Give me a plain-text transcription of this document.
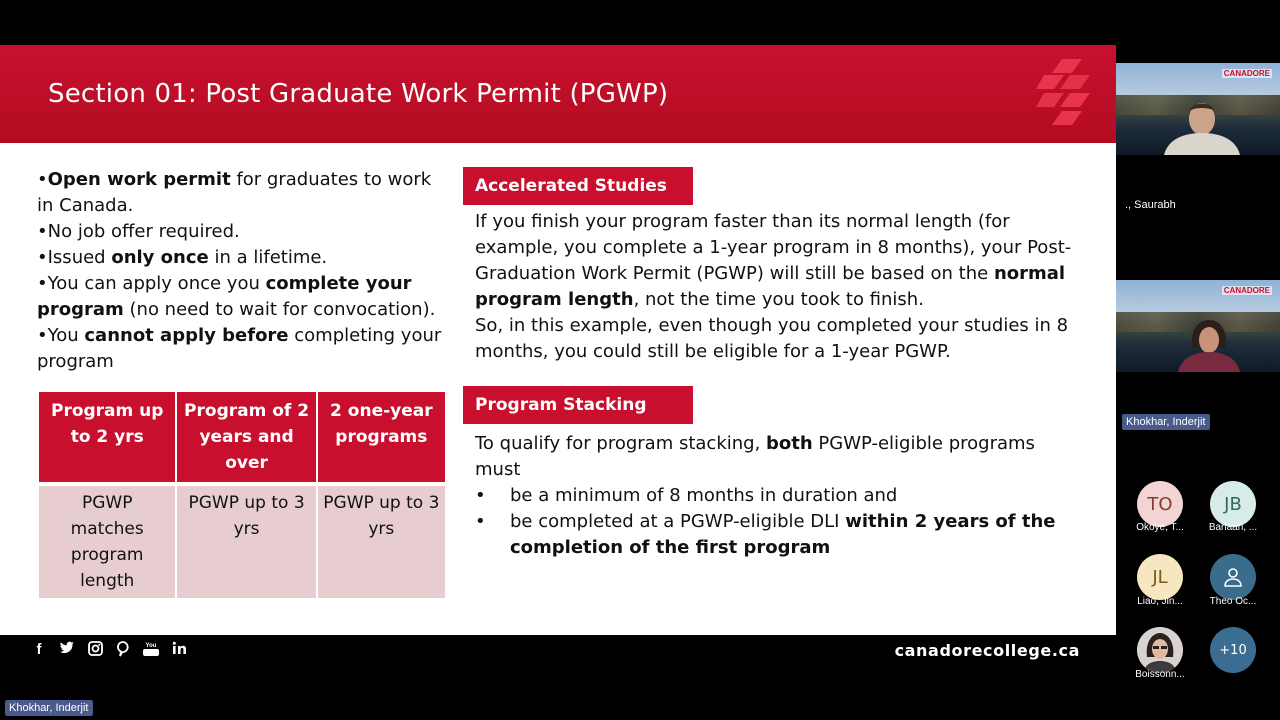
Section 01: Post Graduate Work Permit (PGWP)

•Open work permit for graduates to work in Canada.

•No job offer required.

•Issued only once in a lifetime.

•You can apply once you complete your program (no need to wait for convocation).

•You cannot apply before completing your program

Program up to 2 yrs	Program of 2 years and over	2 one-year programs
PGWP matches program length	PGWP up to 3 yrs	PGWP up to 3 yrs
Accelerated Studies

If you finish your program faster than its normal length (for example, you complete a 1-year program in 8 months), your Post-Graduation Work Permit (PGWP) will still be based on the normal program length, not the time you took to finish.

So, in this example, even though you completed your studies in 8 months, you could still be eligible for a 1-year PGWP.

Program Stacking

To qualify for program stacking, both PGWP-eligible programs must

•	be a minimum of 8 months in duration and
•	be completed at a PGWP-eligible DLI within 2 years of the completion of the first program
f	You	canadorecollege.ca
Khokhar, Inderjit
CANADORE
., Saurabh
CANADORE
Khokhar, Inderjit
TO
Okoye, T...
JB
Barlaan, ...
JL
Liao, Jin...	Theo Oc...
Boissonn...
+10
